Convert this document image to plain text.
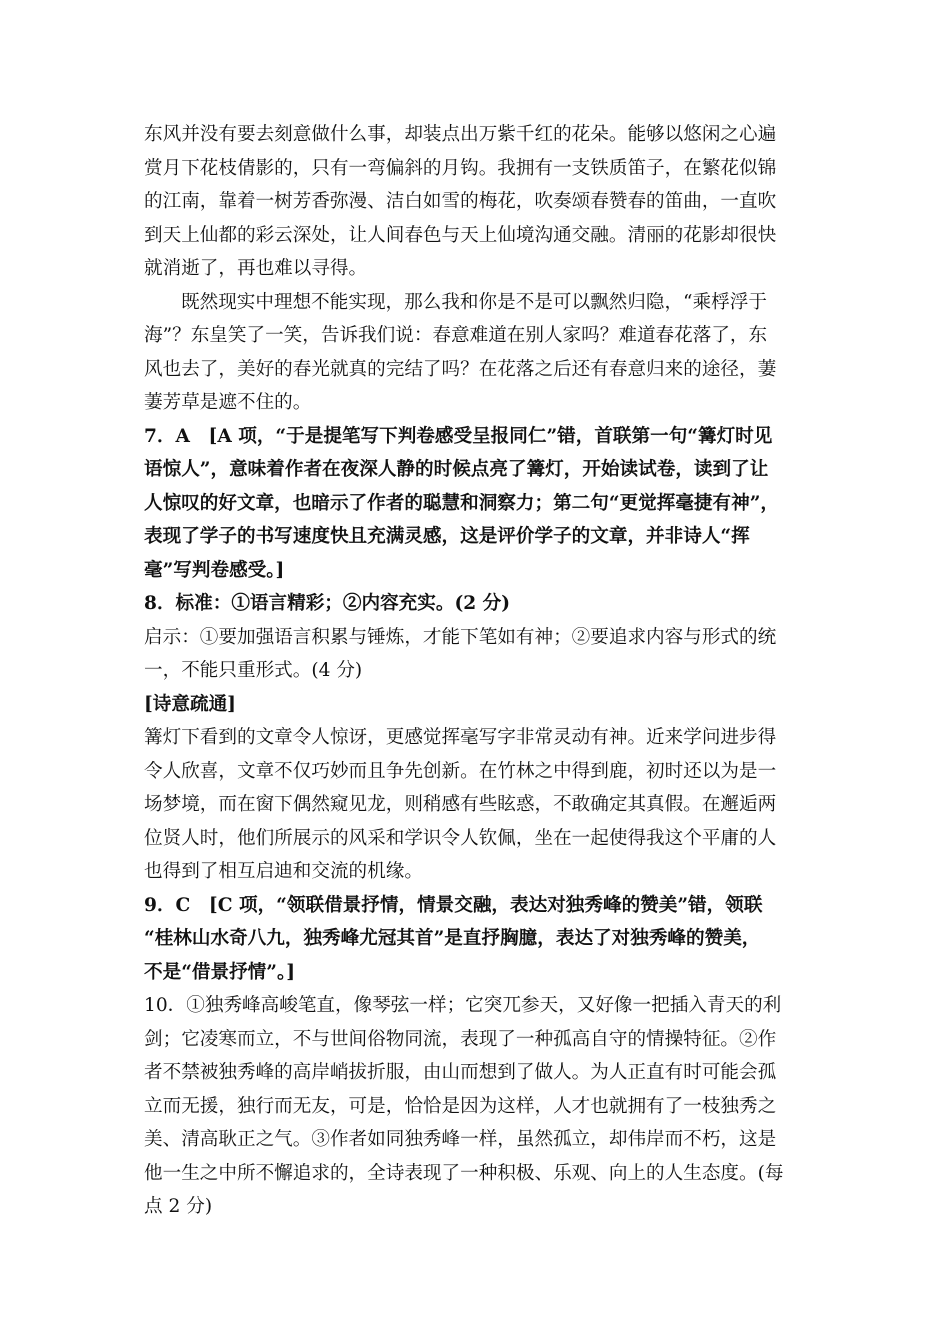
东风并没有要去刻意做什么事，却装点出万紫千红的花朵。能够以悠闲之心遍
赏月下花枝倩影的，只有一弯偏斜的月钩。我拥有一支铁质笛子，在繁花似锦
的江南，靠着一树芳香弥漫、洁白如雪的梅花，吹奏颂春赞春的笛曲，一直吹
到天上仙都的彩云深处，让人间春色与天上仙境沟通交融。清丽的花影却很快
就消逝了，再也难以寻得。
既然现实中理想不能实现，那么我和你是不是可以飘然归隐，“乘桴浮于
海”？东皇笑了一笑，告诉我们说：春意难道在别人家吗？难道春花落了，东
风也去了，美好的春光就真的完结了吗？在花落之后还有春意归来的途径，萋
萋芳草是遮不住的。
7．A　[A 项，“于是提笔写下判卷感受呈报同仁”错，首联第一句“篝灯时见
语惊人”，意味着作者在夜深人静的时候点亮了篝灯，开始读试卷，读到了让
人惊叹的好文章，也暗示了作者的聪慧和洞察力；第二句“更觉挥毫捷有神”，
表现了学子的书写速度快且充满灵感，这是评价学子的文章，并非诗人“挥
毫”写判卷感受。]
8．标准：①语言精彩；②内容充实。(2 分)
启示：①要加强语言积累与锤炼，才能下笔如有神；②要追求内容与形式的统
一，不能只重形式。(4 分)
[诗意疏通]
篝灯下看到的文章令人惊讶，更感觉挥毫写字非常灵动有神。近来学问进步得
令人欣喜，文章不仅巧妙而且争先创新。在竹林之中得到鹿，初时还以为是一
场梦境，而在窗下偶然窥见龙，则稍感有些眩惑，不敢确定其真假。在邂逅两
位贤人时，他们所展示的风采和学识令人钦佩，坐在一起使得我这个平庸的人
也得到了相互启迪和交流的机缘。
9．C　[C 项，“领联借景抒情，情景交融，表达对独秀峰的赞美”错，领联
“桂林山水奇八九，独秀峰尤冠其首”是直抒胸臆，表达了对独秀峰的赞美，
不是“借景抒情”。]
10．①独秀峰高峻笔直，像琴弦一样；它突兀参天，又好像一把插入青天的利
剑；它凌寒而立，不与世间俗物同流，表现了一种孤高自守的情操特征。②作
者不禁被独秀峰的高岸峭拔折服，由山而想到了做人。为人正直有时可能会孤
立而无援，独行而无友，可是，恰恰是因为这样，人才也就拥有了一枝独秀之
美、清高耿正之气。③作者如同独秀峰一样，虽然孤立，却伟岸而不朽，这是
他一生之中所不懈追求的，全诗表现了一种积极、乐观、向上的人生态度。(每
点 2 分)
